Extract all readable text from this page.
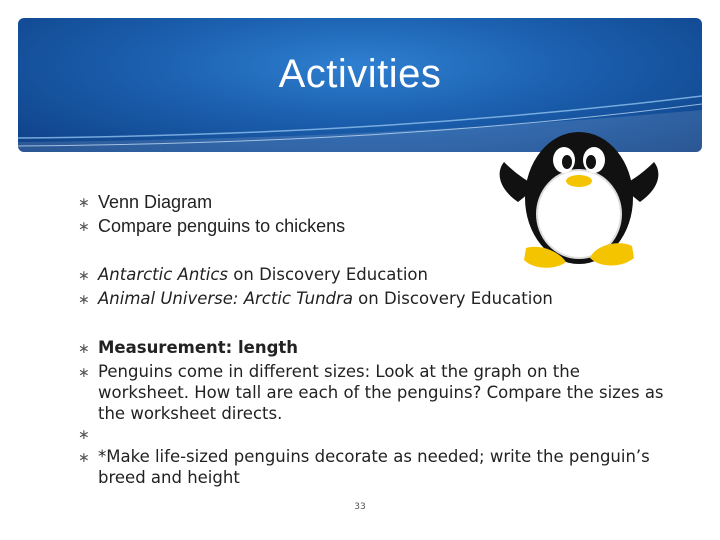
Activities
∗ Venn Diagram
∗ Compare penguins to chickens
∗ Antarctic Antics on Discovery Education
∗ Animal Universe: Arctic Tundra on Discovery Education
∗ Measurement: length
∗ Penguins come in different sizes: Look at the graph on the worksheet. How tall are each of the penguins? Compare the sizes as the worksheet directs.
∗
∗ *Make life-sized penguins decorate as needed; write the penguin’s breed and height
33
